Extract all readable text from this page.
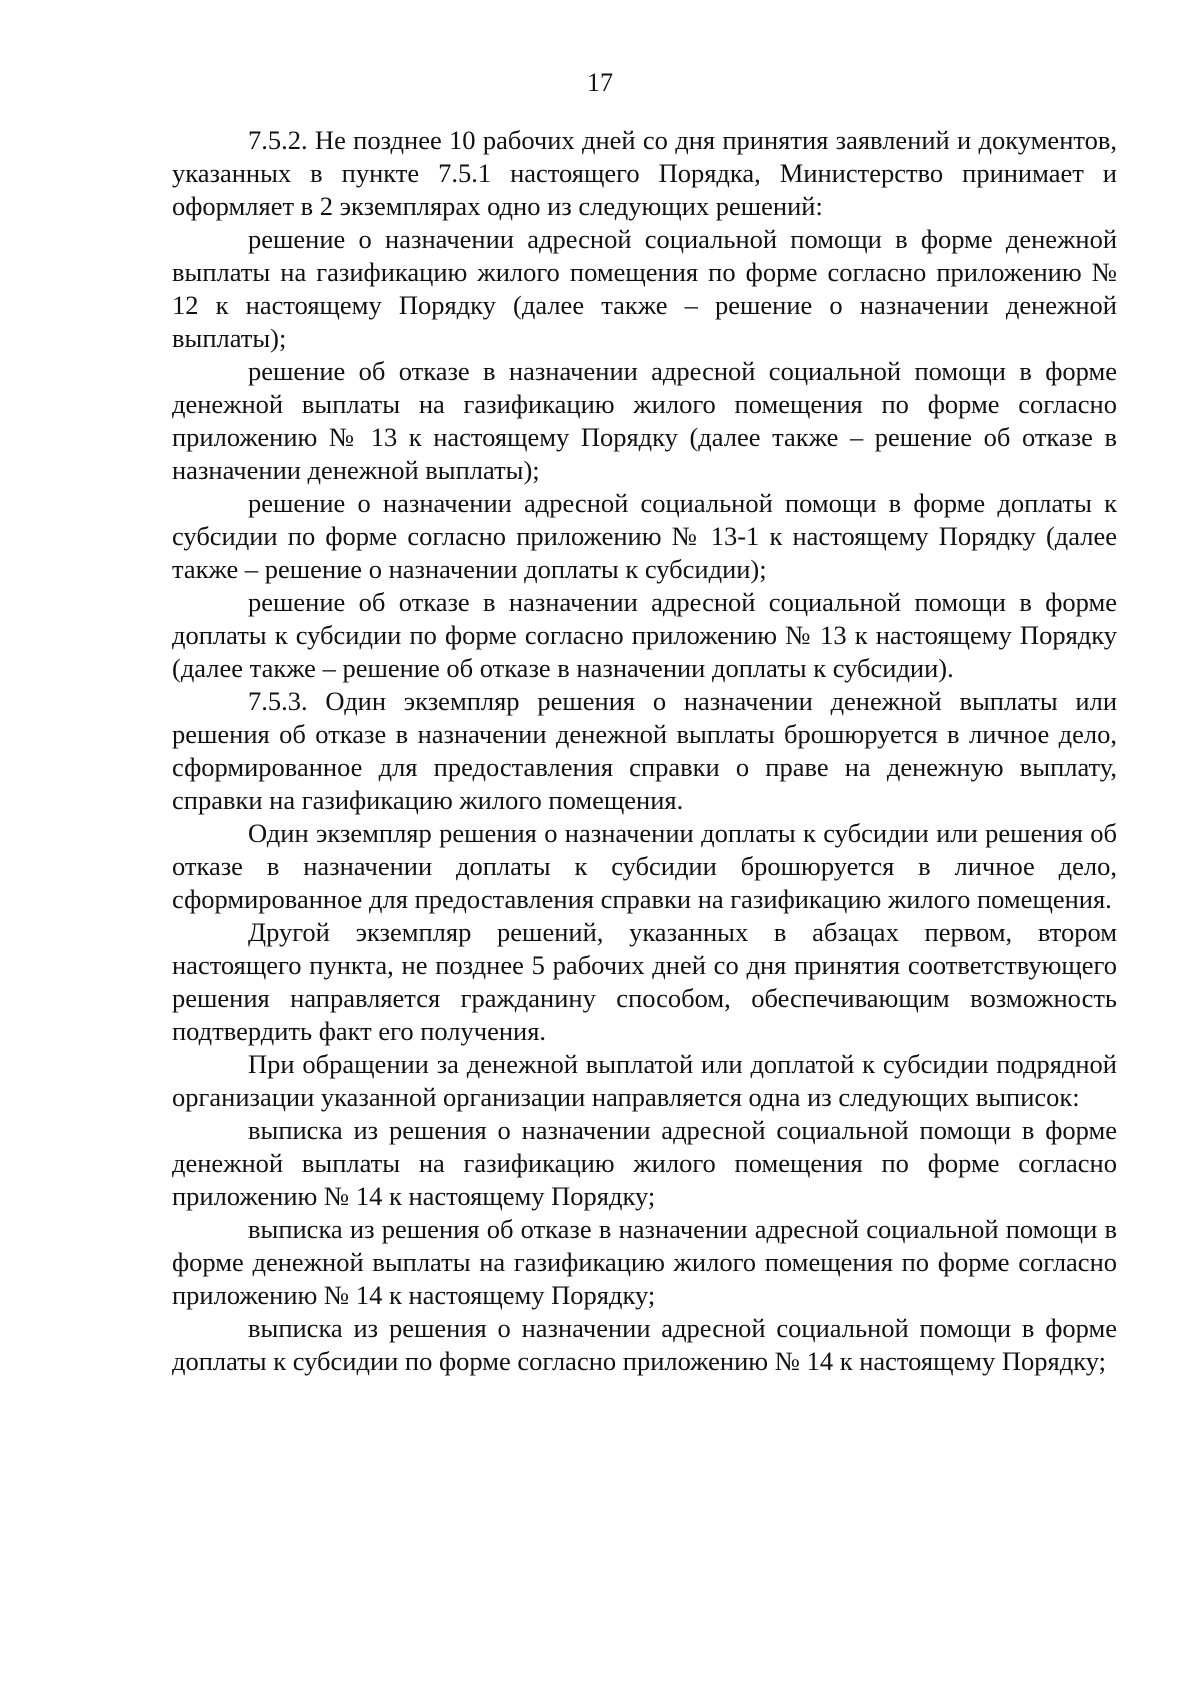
17

7.5.2. Не позднее 10 рабочих дней со дня принятия заявлений и документов, указанных в пункте 7.5.1 настоящего Порядка, Министерство принимает и оформляет в 2 экземплярах одно из следующих решений:

решение о назначении адресной социальной помощи в форме денежной выплаты на газификацию жилого помещения по форме согласно приложению № 12 к настоящему Порядку (далее также – решение о назначении денежной выплаты);

решение об отказе в назначении адресной социальной помощи в форме денежной выплаты на газификацию жилого помещения по форме согласно приложению № 13 к настоящему Порядку (далее также – решение об отказе в назначении денежной выплаты);

решение о назначении адресной социальной помощи в форме доплаты к субсидии по форме согласно приложению № 13-1 к настоящему Порядку (далее также – решение о назначении доплаты к субсидии);

решение об отказе в назначении адресной социальной помощи в форме доплаты к субсидии по форме согласно приложению № 13 к настоящему Порядку (далее также – решение об отказе в назначении доплаты к субсидии).

7.5.3. Один экземпляр решения о назначении денежной выплаты или решения об отказе в назначении денежной выплаты брошюруется в личное дело, сформированное для предоставления справки о праве на денежную выплату, справки на газификацию жилого помещения.

Один экземпляр решения о назначении доплаты к субсидии или решения об отказе в назначении доплаты к субсидии брошюруется в личное дело, сформированное для предоставления справки на газификацию жилого помещения.

Другой экземпляр решений, указанных в абзацах первом, втором настоящего пункта, не позднее 5 рабочих дней со дня принятия соответствующего решения направляется гражданину способом, обеспечивающим возможность подтвердить факт его получения.

При обращении за денежной выплатой или доплатой к субсидии подрядной организации указанной организации направляется одна из следующих выписок:

выписка из решения о назначении адресной социальной помощи в форме денежной выплаты на газификацию жилого помещения по форме согласно приложению № 14 к настоящему Порядку;

выписка из решения об отказе в назначении адресной социальной помощи в форме денежной выплаты на газификацию жилого помещения по форме согласно приложению № 14 к настоящему Порядку;

выписка из решения о назначении адресной социальной помощи в форме доплаты к субсидии по форме согласно приложению № 14 к настоящему Порядку;
